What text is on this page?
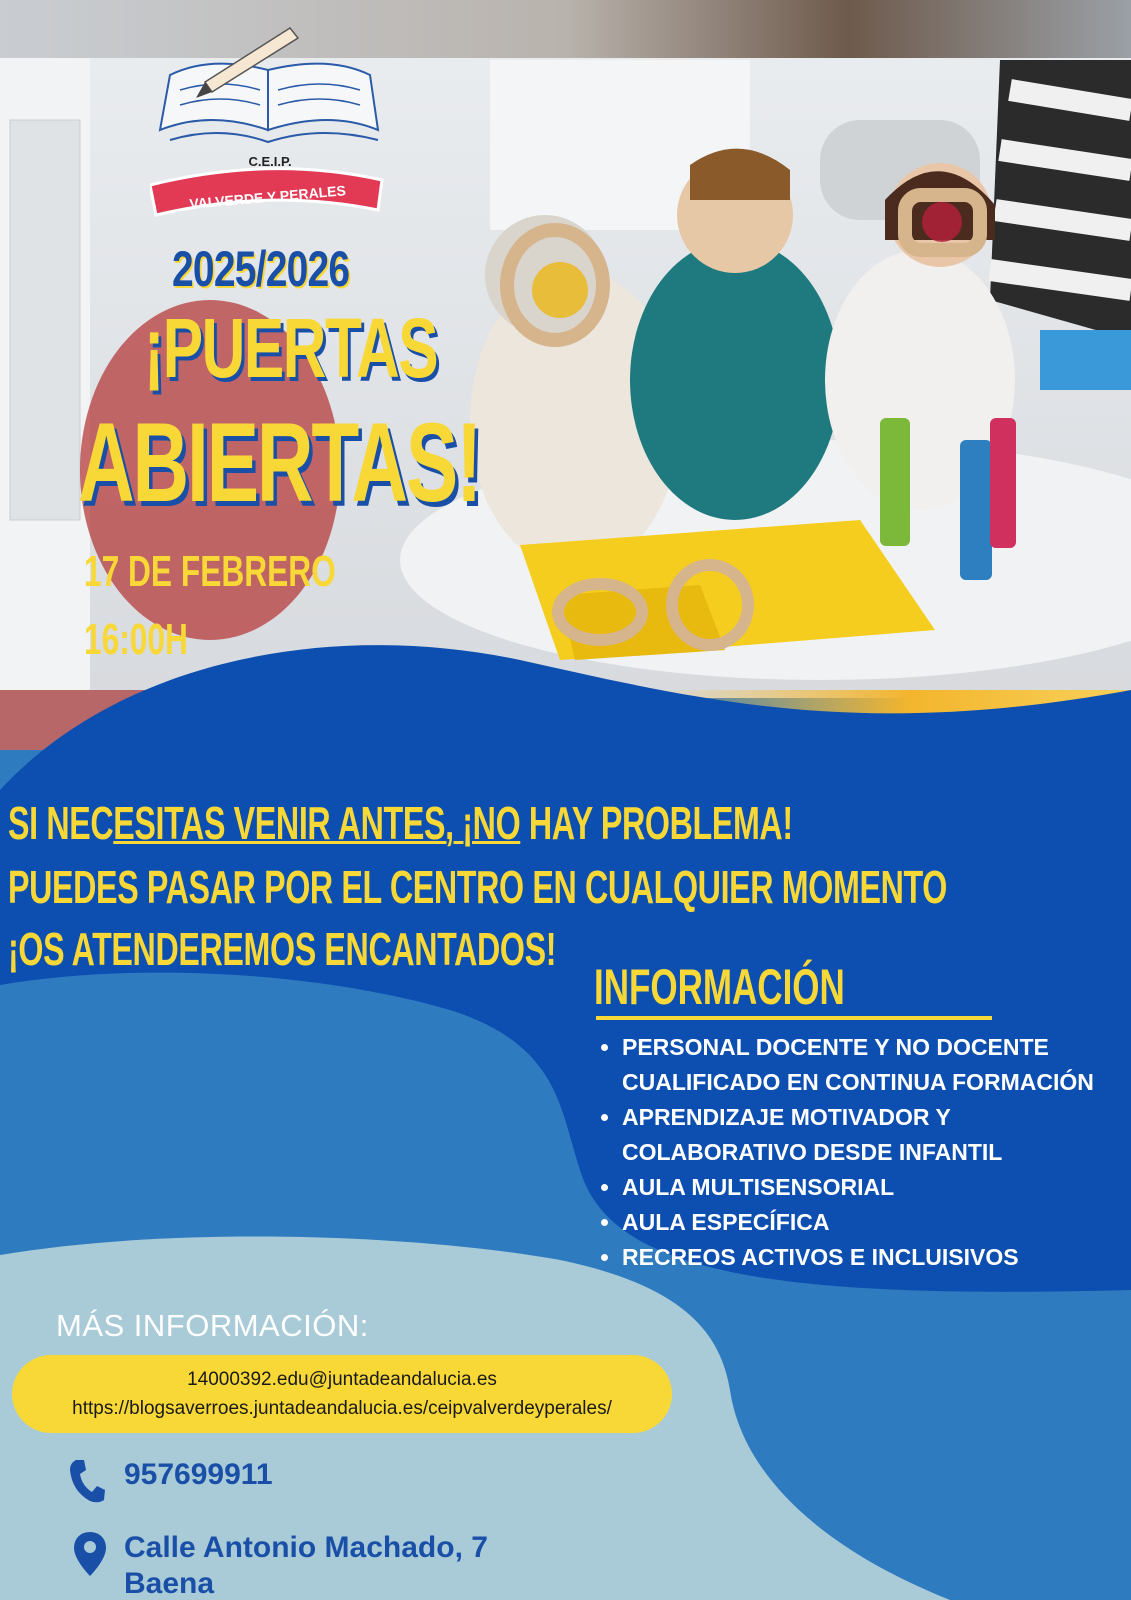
C.E.I.P.
VALVERDE Y PERALES
2025/2026
¡PUERTAS
ABIERTAS!
17 DE FEBRERO
16:00H
SI NECESITAS VENIR ANTES, ¡NO HAY PROBLEMA!
PUEDES PASAR POR EL CENTRO EN CUALQUIER MOMENTO
¡OS ATENDEREMOS ENCANTADOS!
INFORMACIÓN
• PERSONAL DOCENTE Y NO DOCENTE CUALIFICADO EN CONTINUA FORMACIÓN
• APRENDIZAJE MOTIVADOR Y COLABORATIVO DESDE INFANTIL
• AULA MULTISENSORIAL
• AULA ESPECÍFICA
• RECREOS ACTIVOS E INCLUISIVOS
MÁS INFORMACIÓN:
14000392.edu@juntadeandalucia.es
https://blogsaverroes.juntadeandalucia.es/ceipvalverdeyperales/
957699911
Calle Antonio Machado, 7
Baena
